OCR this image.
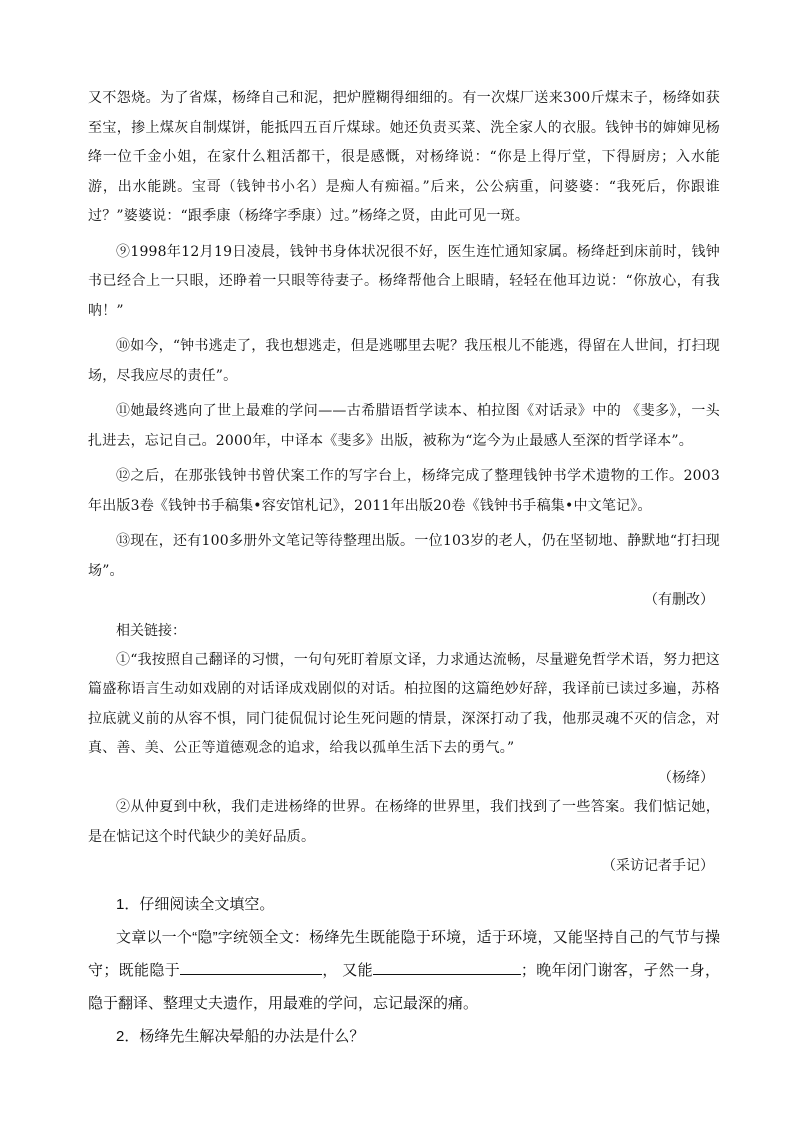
又不怨烧。为了省煤，杨绛自己和泥，把炉膛糊得细细的。有一次煤厂送来300斤煤末子，杨绛如获至宝，掺上煤灰自制煤饼，能抵四五百斤煤球。她还负责买菜、洗全家人的衣服。钱钟书的婶婶见杨绛一位千金小姐，在家什么粗活都干，很是感慨，对杨绛说：“你是上得厅堂，下得厨房；入水能游，出水能跳。宝哥（钱钟书小名）是痴人有痴福。”后来，公公病重，问婆婆：“我死后，你跟谁过？”婆婆说：“跟季康（杨绛字季康）过。”杨绛之贤，由此可见一斑。

⑨1998年12月19日凌晨，钱钟书身体状况很不好，医生连忙通知家属。杨绛赶到床前时，钱钟书已经合上一只眼，还睁着一只眼等待妻子。杨绛帮他合上眼睛，轻轻在他耳边说：“你放心，有我呐！”

⑩如今，“钟书逃走了，我也想逃走，但是逃哪里去呢？我压根儿不能逃，得留在人世间，打扫现场，尽我应尽的责任”。

⑪她最终逃向了世上最难的学问——古希腊语哲学读本、柏拉图《对话录》中的 《斐多》，一头扎进去，忘记自己。2000年，中译本《斐多》出版，被称为“迄今为止最感人至深的哲学译本”。

⑫之后，在那张钱钟书曾伏案工作的写字台上，杨绛完成了整理钱钟书学术遗物的工作。2003年出版3卷《钱钟书手稿集•容安馆札记》，2011年出版20卷《钱钟书手稿集•中文笔记》。

⑬现在，还有100多册外文笔记等待整理出版。一位103岁的老人，仍在坚韧地、静默地“打扫现场”。

（有删改）

相关链接：

①“我按照自己翻译的习惯，一句句死盯着原文译，力求通达流畅，尽量避免哲学术语，努力把这篇盛称语言生动如戏剧的对话译成戏剧似的对话。柏拉图的这篇绝妙好辞，我译前已读过多遍，苏格拉底就义前的从容不惧，同门徒侃侃讨论生死问题的情景，深深打动了我，他那灵魂不灭的信念，对真、善、美、公正等道德观念的追求，给我以孤单生活下去的勇气。”

（杨绛）

②从仲夏到中秋，我们走进杨绛的世界。在杨绛的世界里，我们找到了一些答案。我们惦记她，是在惦记这个时代缺少的美好品质。

（采访记者手记）

1．仔细阅读全文填空。

文章以一个“隐”字统领全文：杨绛先生既能隐于环境，适于环境，又能坚持自己的气节与操守；既能隐于	， 又能	；晚年闭门谢客，孑然一身，隐于翻译、整理丈夫遗作，用最难的学问，忘记最深的痛。

2．杨绛先生解决晕船的办法是什么？
